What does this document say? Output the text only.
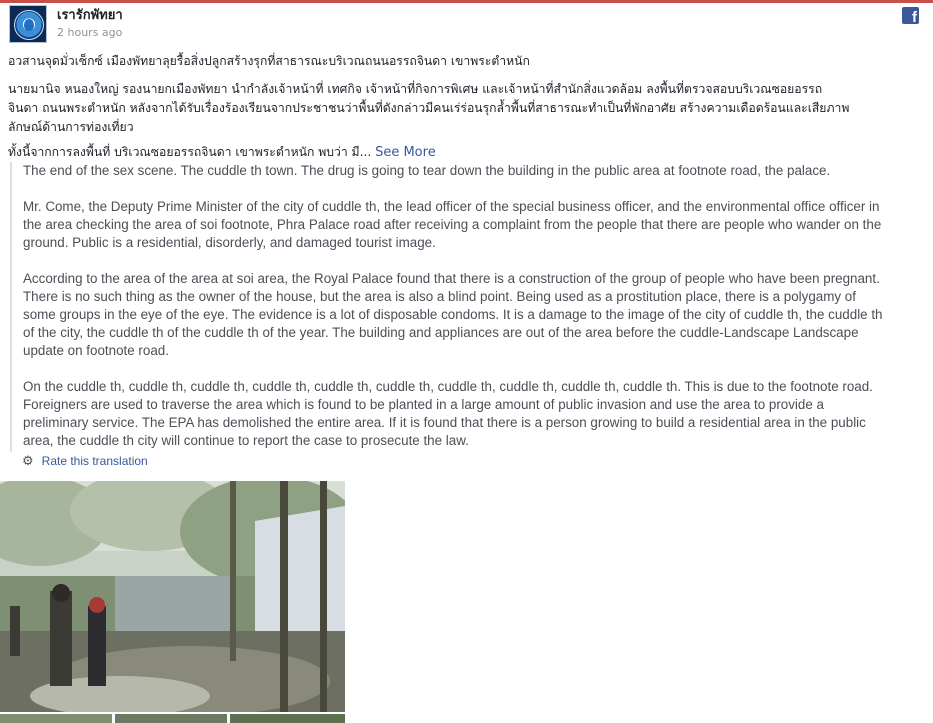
เรารักพัทยา
2 hours ago
f
อวสานจุดมั่วเซ็กซ์ เมืองพัทยาลุยรื้อสิ่งปลูกสร้างรุกที่สาธารณะบริเวณถนนอรรถจินดา เขาพระตำหนัก
นายมานิจ หนองใหญ่ รองนายกเมืองพัทยา นำกำลังเจ้าหน้าที่ เทศกิจ เจ้าหน้าที่กิจการพิเศษ และเจ้าหน้าที่สำนักสิ่งแวดล้อม ลงพื้นที่ตรวจสอบบริเวณซอยอรรถ
จินดา ถนนพระตำหนัก หลังจากได้รับเรื่องร้องเรียนจากประชาชนว่าพื้นที่ดังกล่าวมีคนเร่ร่อนรุกล้ำพื้นที่สาธารณะทำเป็นที่พักอาศัย สร้างความเดือดร้อนและเสียภาพ
ลักษณ์ด้านการท่องเที่ยว
ทั้งนี้จากการลงพื้นที่ บริเวณซอยอรรถจินดา เขาพระตำหนัก พบว่า มี... See More

The end of the sex scene. The cuddle th town. The drug is going to tear down the building in the public area at footnote road, the palace.

Mr. Come, the Deputy Prime Minister of the city of cuddle th, the lead officer of the special business officer, and the environmental office officer in

the area checking the area of soi footnote, Phra Palace road after receiving a complaint from the people that there are people who wander on the

ground. Public is a residential, disorderly, and damaged tourist image.

According to the area of the area at soi area, the Royal Palace found that there is a construction of the group of people who have been pregnant.

There is no such thing as the owner of the house, but the area is also a blind point. Being used as a prostitution place, there is a polygamy of

some groups in the eye of the eye. The evidence is a lot of disposable condoms. It is a damage to the image of the city of cuddle th, the cuddle th

of the city, the cuddle th of the cuddle th of the year. The building and appliances are out of the area before the cuddle-Landscape Landscape

update on footnote road.

On the cuddle th, cuddle th, cuddle th, cuddle th, cuddle th, cuddle th, cuddle th, cuddle th, cuddle th, cuddle th. This is due to the footnote road.

Foreigners are used to traverse the area which is found to be planted in a large amount of public invasion and use the area to provide a

preliminary service. The EPA has demolished the entire area. If it is found that there is a person growing to build a residential area in the public

area, the cuddle th city will continue to report the case to prosecute the law.

⚙ Rate this translation
